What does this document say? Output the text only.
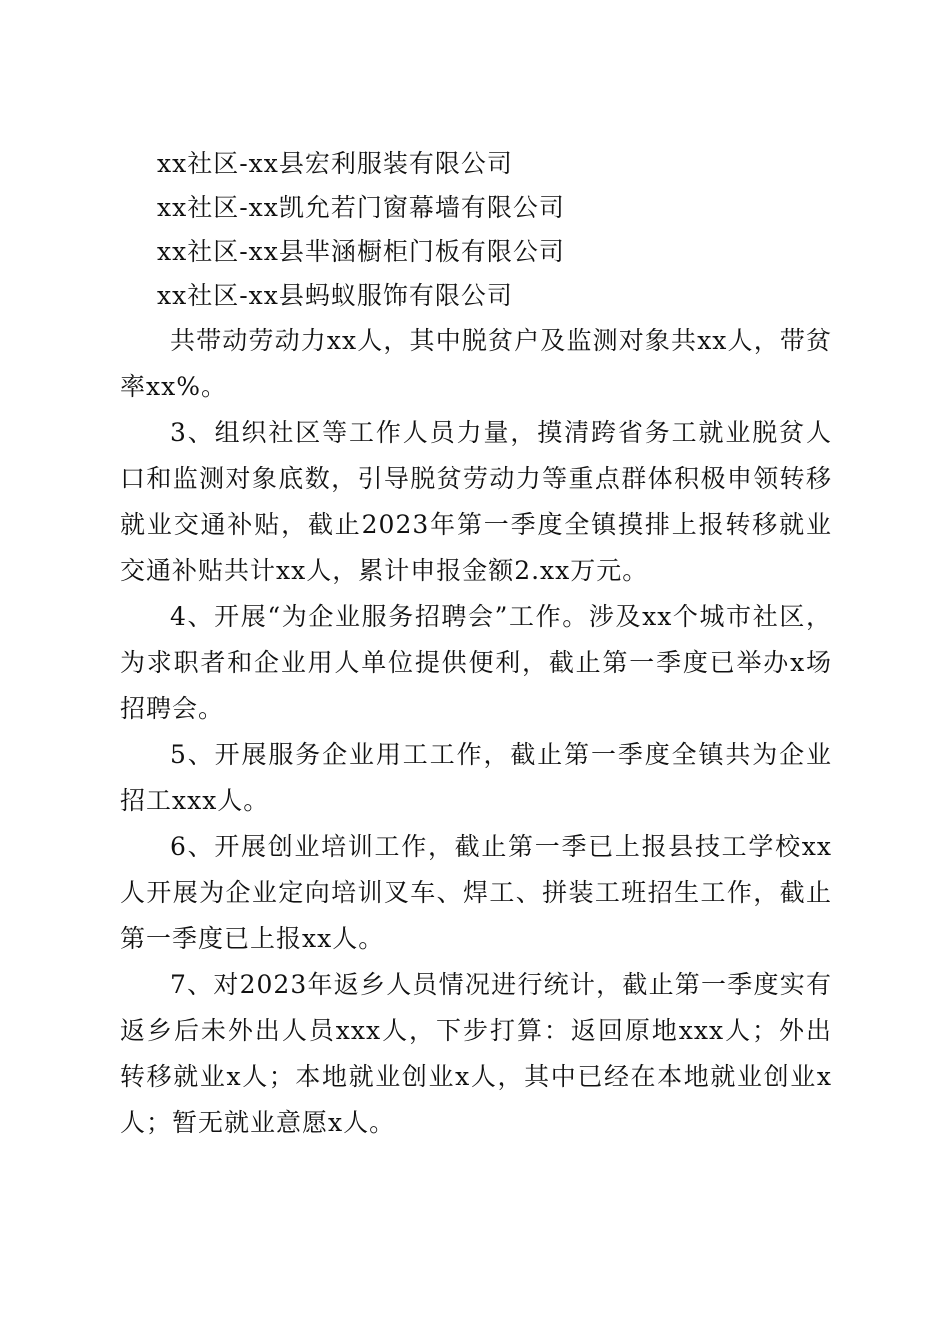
xx社区-xx县宏利服装有限公司
xx社区-xx凯允若门窗幕墙有限公司
xx社区-xx县芈涵橱柜门板有限公司
xx社区-xx县蚂蚁服饰有限公司

共带动劳动力xx人，其中脱贫户及监测对象共xx人，带贫率xx%。

3、组织社区等工作人员力量，摸清跨省务工就业脱贫人口和监测对象底数，引导脱贫劳动力等重点群体积极申领转移就业交通补贴，截止2023年第一季度全镇摸排上报转移就业交通补贴共计xx人，累计申报金额2.xx万元。

4、开展“为企业服务招聘会”工作。涉及xx个城市社区，为求职者和企业用人单位提供便利，截止第一季度已举办x场招聘会。

5、开展服务企业用工工作，截止第一季度全镇共为企业招工xxx人。

6、开展创业培训工作，截止第一季已上报县技工学校xx人开展为企业定向培训叉车、焊工、拼装工班招生工作，截止第一季度已上报xx人。

7、对2023年返乡人员情况进行统计，截止第一季度实有返乡后未外出人员xxx人，下步打算：返回原地xxx人；外出转移就业x人；本地就业创业x人，其中已经在本地就业创业x人；暂无就业意愿x人。
